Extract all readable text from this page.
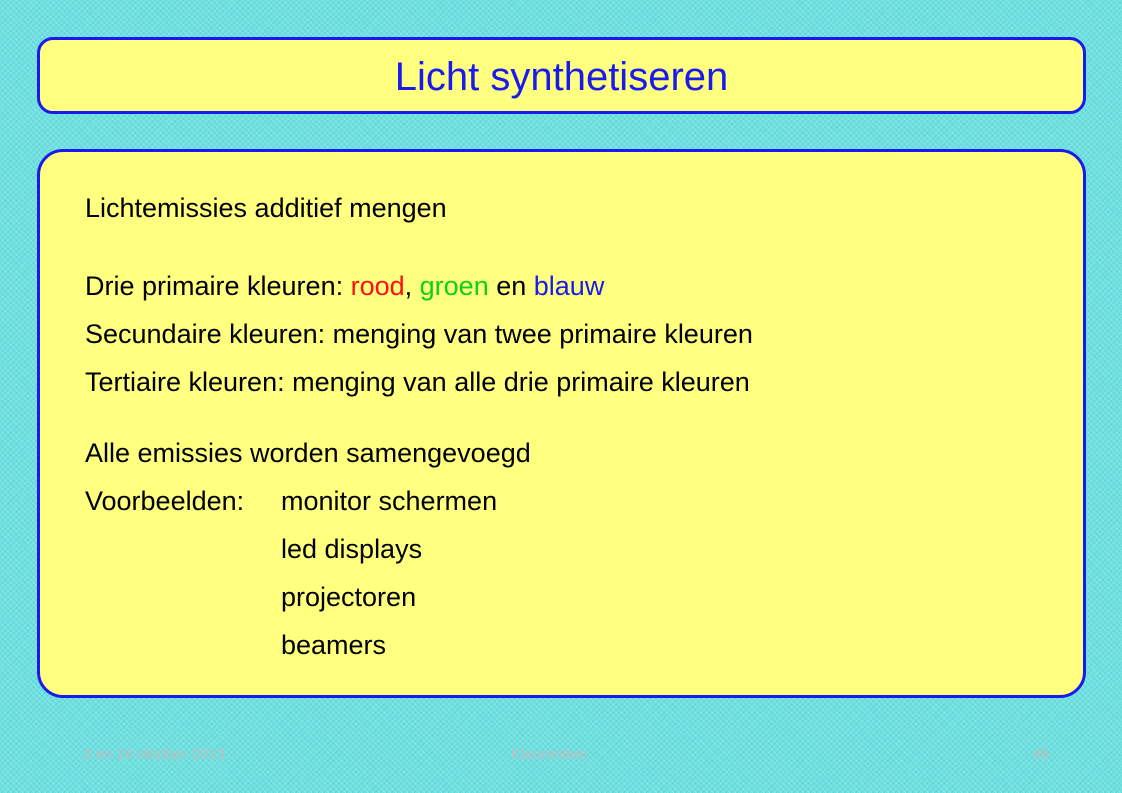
Licht synthetiseren
Lichtemissies additief mengen
Drie primaire kleuren: rood, groen en blauw
Secundaire kleuren: menging van twee primaire kleuren
Tertiaire kleuren: menging van alle drie primaire kleuren
Alle emissies worden samengevoegd
Voorbeelden: monitor schermen
led displays
projectoren
beamers
2 en 16 oktober 2013	Kleurenleer	46
